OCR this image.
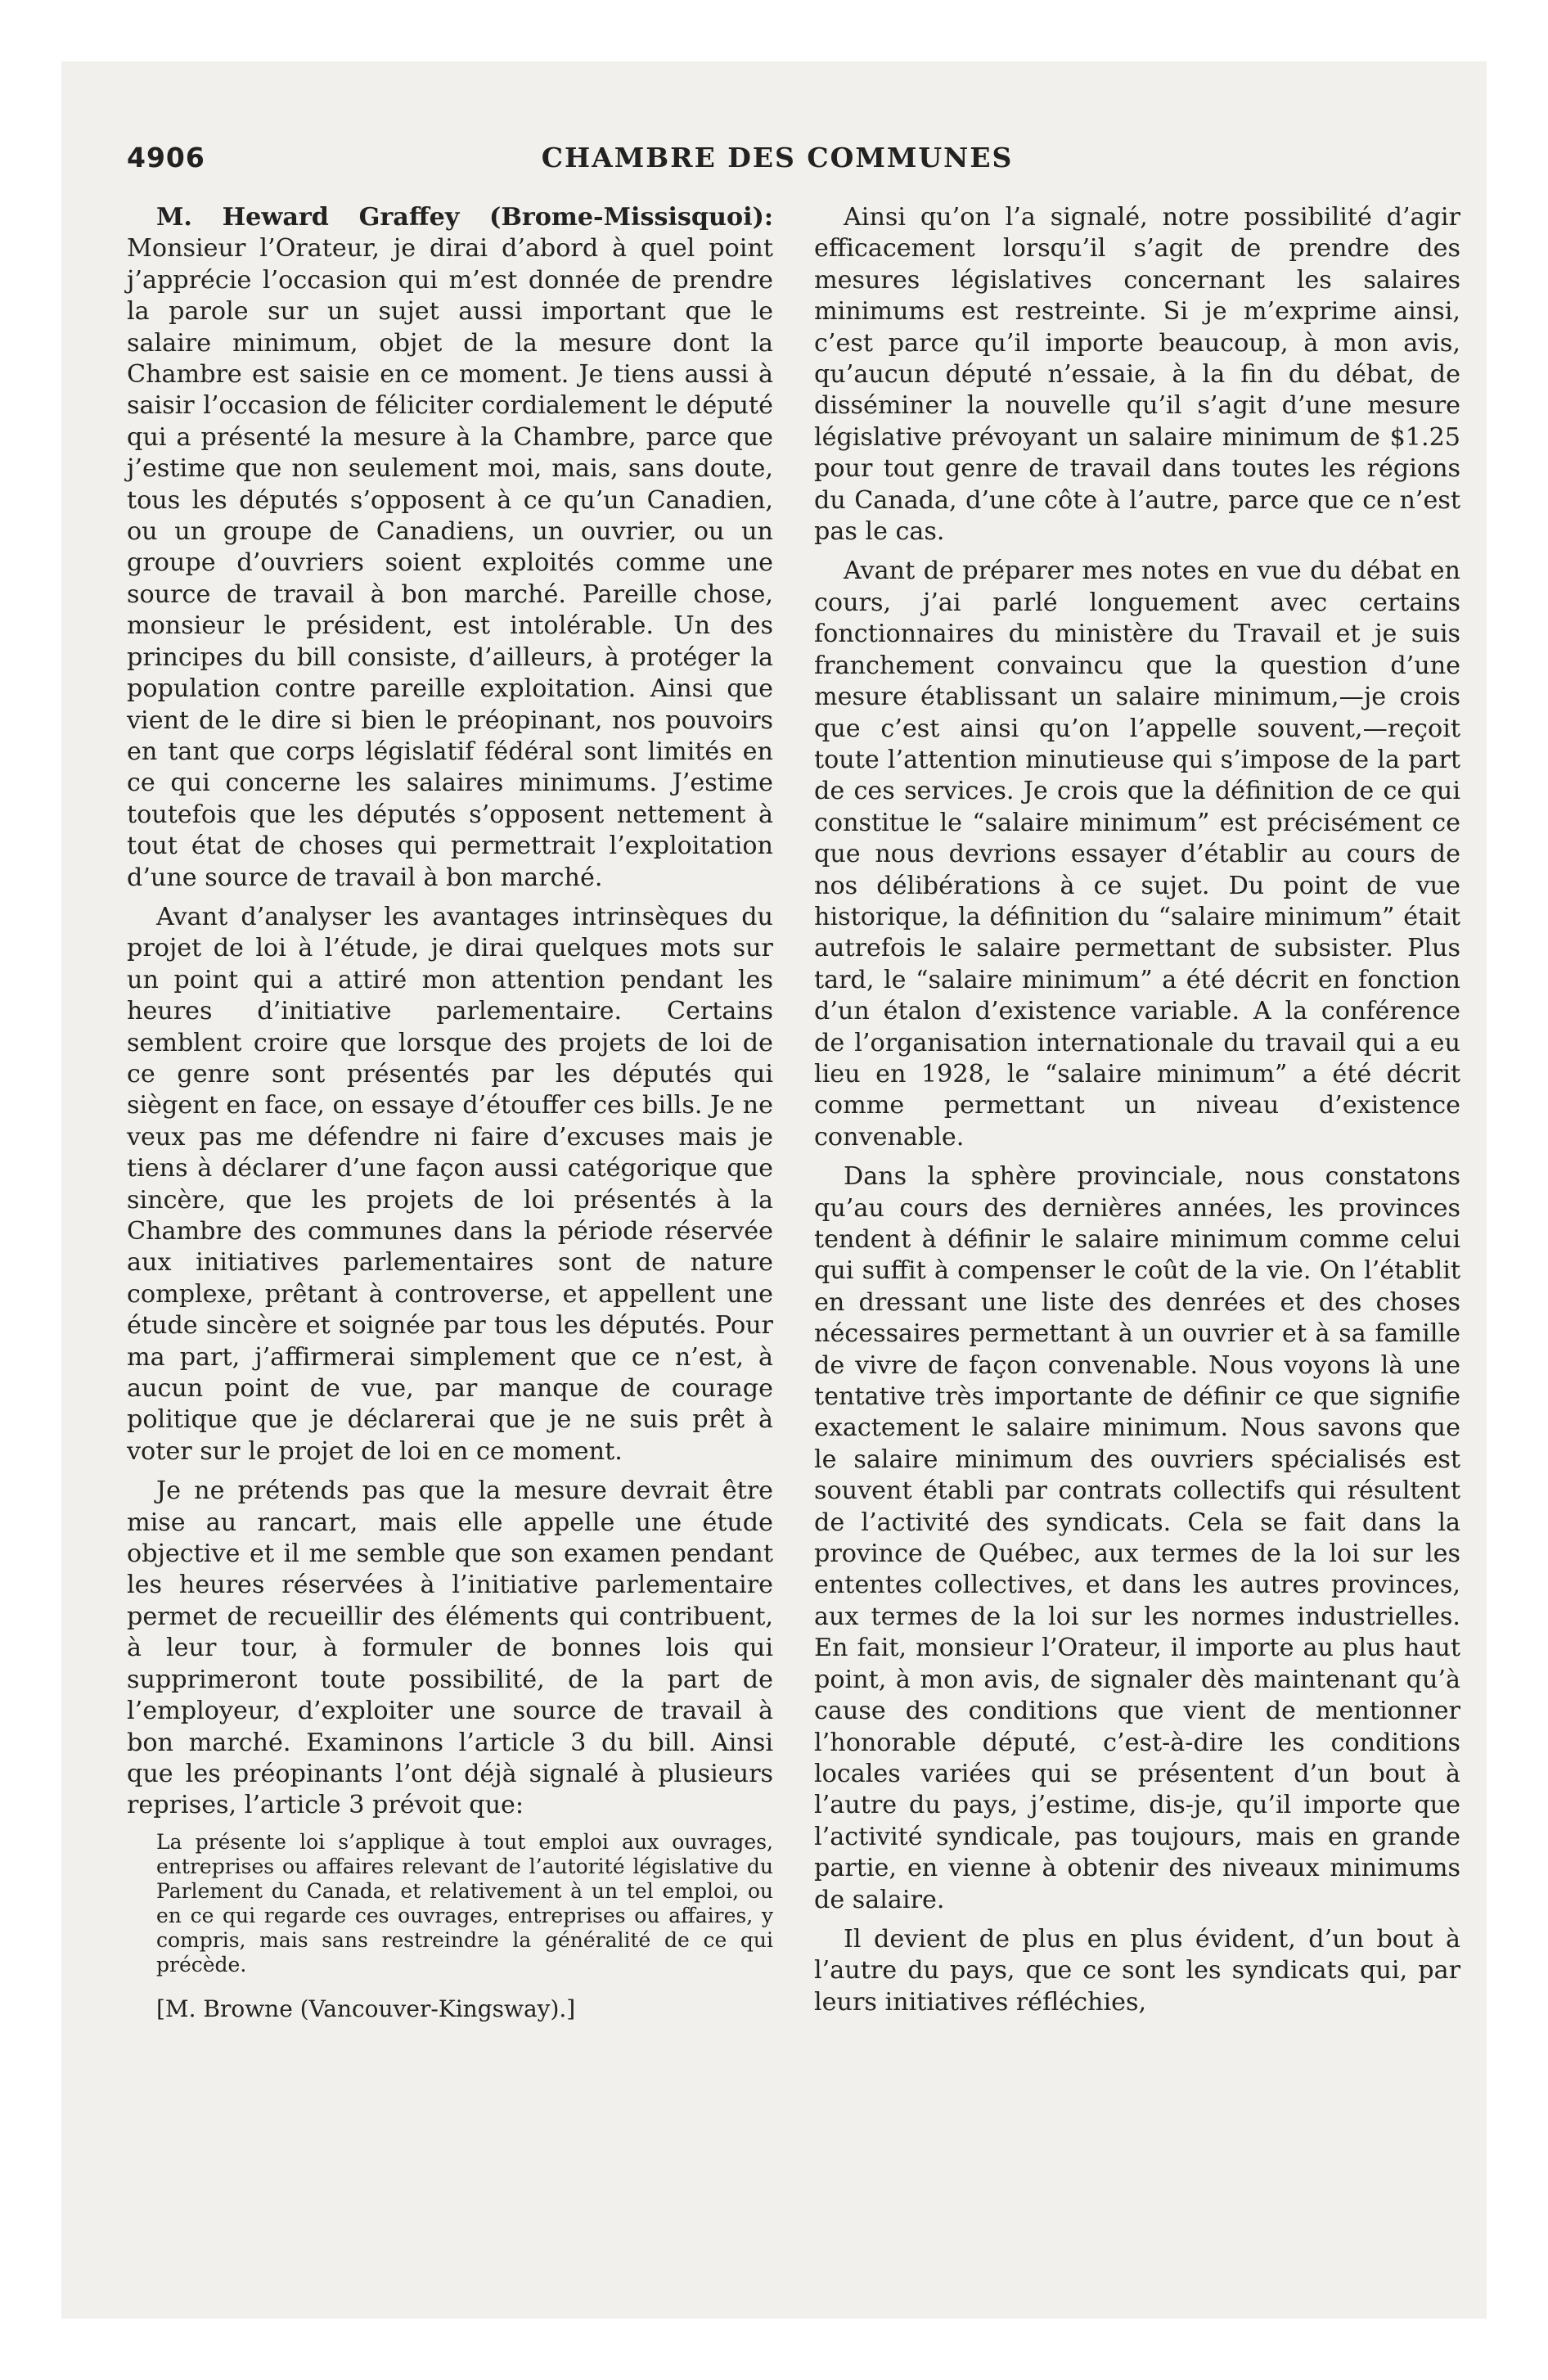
4906	CHAMBRE DES COMMUNES

M. Heward Graffey (Brome-Missisquoi): Monsieur l’Orateur, je dirai d’abord à quel point j’apprécie l’occasion qui m’est donnée de prendre la parole sur un sujet aussi important que le salaire minimum, objet de la mesure dont la Chambre est saisie en ce moment. Je tiens aussi à saisir l’occasion de féliciter cordialement le député qui a présenté la mesure à la Chambre, parce que j’estime que non seulement moi, mais, sans doute, tous les députés s’opposent à ce qu’un Canadien, ou un groupe de Canadiens, un ouvrier, ou un groupe d’ouvriers soient exploités comme une source de travail à bon marché. Pareille chose, monsieur le président, est intolérable. Un des principes du bill consiste, d’ailleurs, à protéger la population contre pareille exploitation. Ainsi que vient de le dire si bien le préopinant, nos pouvoirs en tant que corps législatif fédéral sont limités en ce qui concerne les salaires minimums. J’estime toutefois que les députés s’opposent nettement à tout état de choses qui permettrait l’exploitation d’une source de travail à bon marché.

Avant d’analyser les avantages intrinsèques du projet de loi à l’étude, je dirai quelques mots sur un point qui a attiré mon attention pendant les heures d’initiative parlementaire. Certains semblent croire que lorsque des projets de loi de ce genre sont présentés par les députés qui siègent en face, on essaye d’étouffer ces bills. Je ne veux pas me défendre ni faire d’excuses mais je tiens à déclarer d’une façon aussi catégorique que sincère, que les projets de loi présentés à la Chambre des communes dans la période réservée aux initiatives parlementaires sont de nature complexe, prêtant à controverse, et appellent une étude sincère et soignée par tous les députés. Pour ma part, j’affirmerai simplement que ce n’est, à aucun point de vue, par manque de courage politique que je déclarerai que je ne suis prêt à voter sur le projet de loi en ce moment.

Je ne prétends pas que la mesure devrait être mise au rancart, mais elle appelle une étude objective et il me semble que son examen pendant les heures réservées à l’initiative parlementaire permet de recueillir des éléments qui contribuent, à leur tour, à formuler de bonnes lois qui supprimeront toute possibilité, de la part de l’employeur, d’exploiter une source de travail à bon marché. Examinons l’article 3 du bill. Ainsi que les préopinants l’ont déjà signalé à plusieurs reprises, l’article 3 prévoit que:

La présente loi s’applique à tout emploi aux ouvrages, entreprises ou affaires relevant de l’autorité législative du Parlement du Canada, et relativement à un tel emploi, ou en ce qui regarde ces ouvrages, entreprises ou affaires, y compris, mais sans restreindre la généralité de ce qui précède.
[M. Browne (Vancouver-Kingsway).]

Ainsi qu’on l’a signalé, notre possibilité d’agir efficacement lorsqu’il s’agit de prendre des mesures législatives concernant les salaires minimums est restreinte. Si je m’exprime ainsi, c’est parce qu’il importe beaucoup, à mon avis, qu’aucun député n’essaie, à la fin du débat, de disséminer la nouvelle qu’il s’agit d’une mesure législative prévoyant un salaire minimum de $1.25 pour tout genre de travail dans toutes les régions du Canada, d’une côte à l’autre, parce que ce n’est pas le cas.

Avant de préparer mes notes en vue du débat en cours, j’ai parlé longuement avec certains fonctionnaires du ministère du Travail et je suis franchement convaincu que la question d’une mesure établissant un salaire minimum,—je crois que c’est ainsi qu’on l’appelle souvent,—reçoit toute l’attention minutieuse qui s’impose de la part de ces services. Je crois que la définition de ce qui constitue le “salaire minimum” est précisément ce que nous devrions essayer d’établir au cours de nos délibérations à ce sujet. Du point de vue historique, la définition du “salaire minimum” était autrefois le salaire permettant de subsister. Plus tard, le “salaire minimum” a été décrit en fonction d’un étalon d’existence variable. A la conférence de l’organisation internationale du travail qui a eu lieu en 1928, le “salaire minimum” a été décrit comme permettant un niveau d’existence convenable.

Dans la sphère provinciale, nous constatons qu’au cours des dernières années, les provinces tendent à définir le salaire minimum comme celui qui suffit à compenser le coût de la vie. On l’établit en dressant une liste des denrées et des choses nécessaires permettant à un ouvrier et à sa famille de vivre de façon convenable. Nous voyons là une tentative très importante de définir ce que signifie exactement le salaire minimum. Nous savons que le salaire minimum des ouvriers spécialisés est souvent établi par contrats collectifs qui résultent de l’activité des syndicats. Cela se fait dans la province de Québec, aux termes de la loi sur les ententes collectives, et dans les autres provinces, aux termes de la loi sur les normes industrielles. En fait, monsieur l’Orateur, il importe au plus haut point, à mon avis, de signaler dès maintenant qu’à cause des conditions que vient de mentionner l’honorable député, c’est-à-dire les conditions locales variées qui se présentent d’un bout à l’autre du pays, j’estime, dis-je, qu’il importe que l’activité syndicale, pas toujours, mais en grande partie, en vienne à obtenir des niveaux minimums de salaire.

Il devient de plus en plus évident, d’un bout à l’autre du pays, que ce sont les syndicats qui, par leurs initiatives réfléchies,
